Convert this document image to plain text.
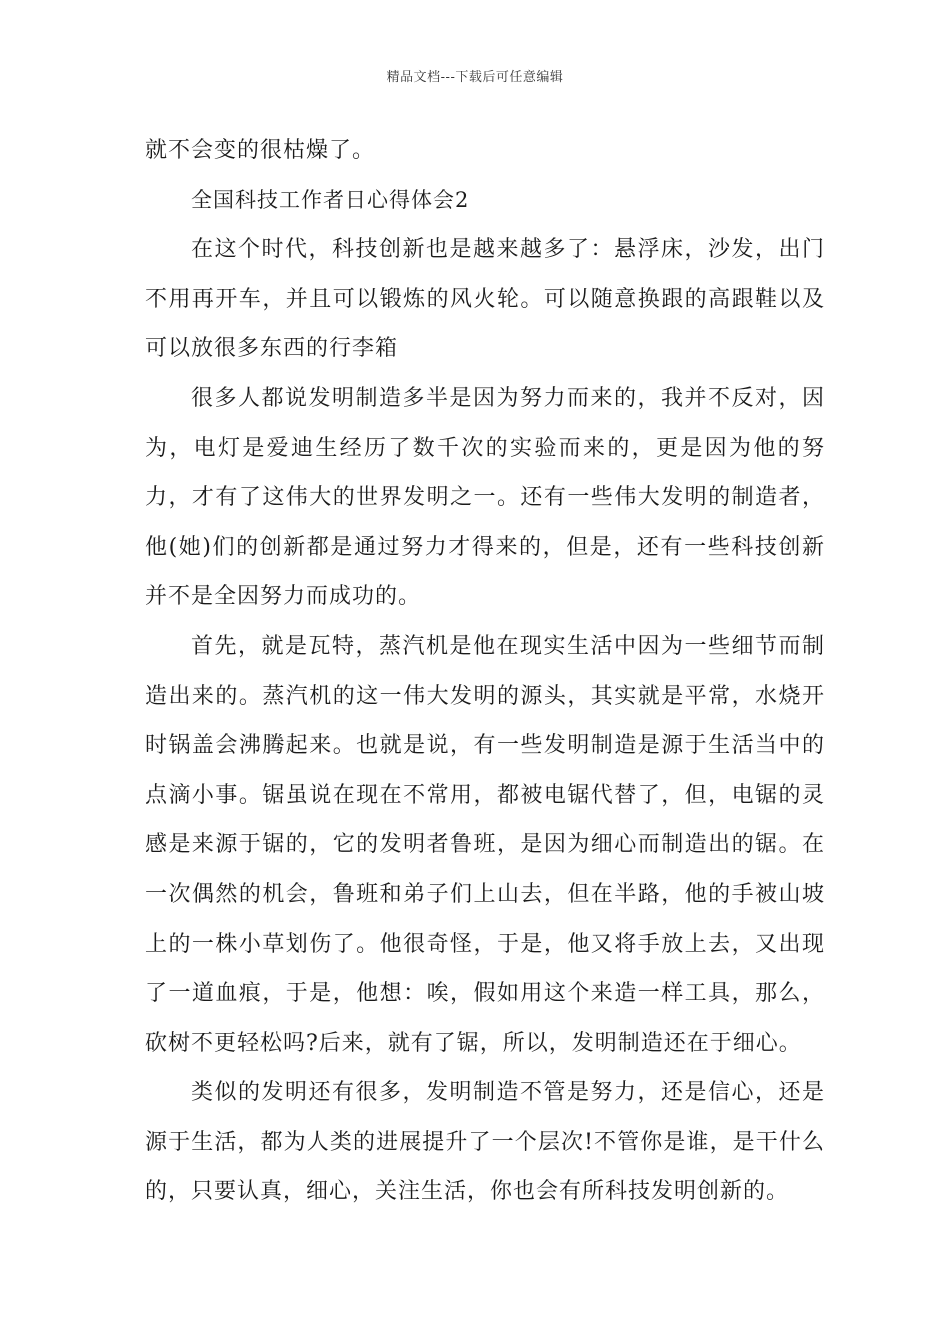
精品文档---下载后可任意编辑

就不会变的很枯燥了。

全国科技工作者日心得体会2

在这个时代，科技创新也是越来越多了：悬浮床，沙发，出门不用再开车，并且可以锻炼的风火轮。可以随意换跟的高跟鞋以及可以放很多东西的行李箱

很多人都说发明制造多半是因为努力而来的，我并不反对，因为，电灯是爱迪生经历了数千次的实验而来的，更是因为他的努力，才有了这伟大的世界发明之一。还有一些伟大发明的制造者，他(她)们的创新都是通过努力才得来的，但是，还有一些科技创新并不是全因努力而成功的。

首先，就是瓦特，蒸汽机是他在现实生活中因为一些细节而制造出来的。蒸汽机的这一伟大发明的源头，其实就是平常，水烧开时锅盖会沸腾起来。也就是说，有一些发明制造是源于生活当中的点滴小事。锯虽说在现在不常用，都被电锯代替了，但，电锯的灵感是来源于锯的，它的发明者鲁班，是因为细心而制造出的锯。在一次偶然的机会，鲁班和弟子们上山去，但在半路，他的手被山坡上的一株小草划伤了。他很奇怪，于是，他又将手放上去，又出现了一道血痕，于是，他想：唉，假如用这个来造一样工具，那么，砍树不更轻松吗?后来，就有了锯，所以，发明制造还在于细心。

类似的发明还有很多，发明制造不管是努力，还是信心，还是源于生活，都为人类的进展提升了一个层次!不管你是谁，是干什么的，只要认真，细心，关注生活，你也会有所科技发明创新的。
